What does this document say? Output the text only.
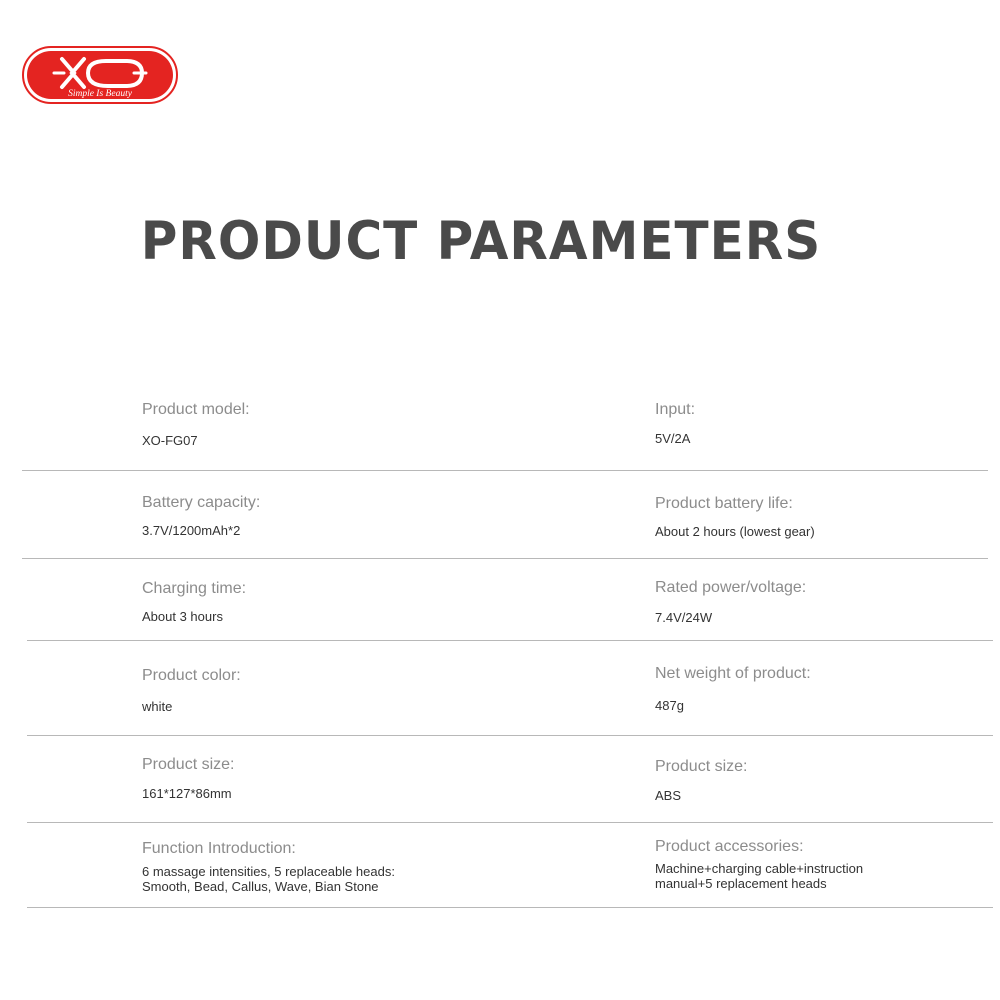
Simple Is Beauty
PRODUCT PARAMETERS
Product model:
XO-FG07
Input:
5V/2A
Battery capacity:
3.7V/1200mAh*2
Product battery life:
About 2 hours (lowest gear)
Charging time:
About 3 hours
Rated power/voltage:
7.4V/24W
Product color:
white
Net weight of product:
487g
Product size:
161*127*86mm
Product size:
ABS
Function Introduction:
6 massage intensities, 5 replaceable heads:
Smooth, Bead, Callus, Wave, Bian Stone
Product accessories:
Machine+charging cable+instruction
manual+5 replacement heads
